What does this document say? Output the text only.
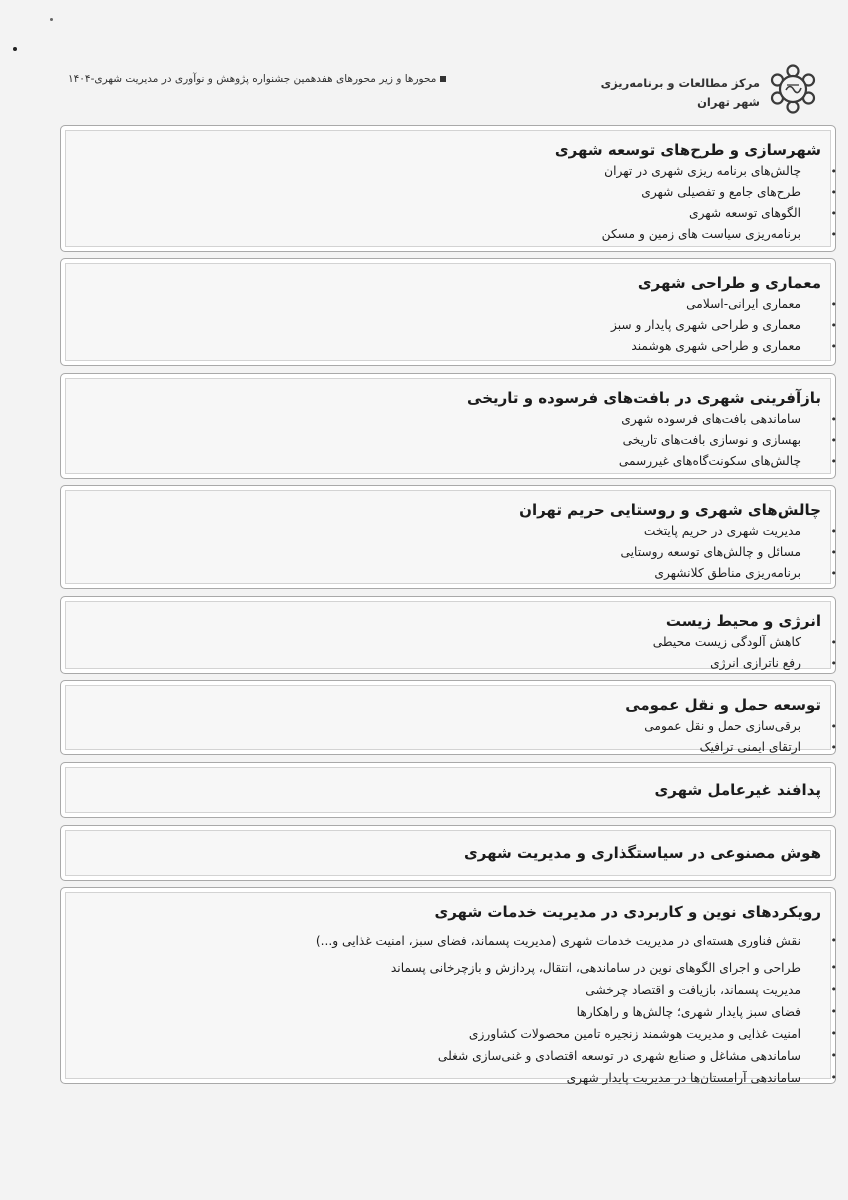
مرکز مطالعات و برنامه‌ریزی
شهر تهران
محورها و زیر محورهای هفدهمین جشنواره پژوهش و نوآوری در مدیریت شهری-۱۴۰۴
شهرسازی و طرح‌های توسعه شهری
• چالش‌های برنامه ریزی شهری در تهران
• طرح‌های جامع و تفصیلی شهری
• الگوهای توسعه شهری
• برنامه‌ریزی سیاست های زمین و مسکن
معماری و طراحی شهری
• معماری ایرانی-اسلامی
• معماری و طراحی شهری پایدار و سبز
• معماری و طراحی شهری هوشمند
بازآفرینی شهری در بافت‌های فرسوده و تاریخی
• ساماندهی بافت‌های فرسوده شهری
• بهسازی و نوسازی بافت‌های تاریخی
• چالش‌های سکونت‌گاه‌های غیررسمی
چالش‌های شهری و روستایی حریم تهران
• مدیریت شهری در حریم پایتخت
• مسائل و چالش‌های توسعه روستایی
• برنامه‌ریزی مناطق کلانشهری
انرژی و محیط زیست
• کاهش آلودگی زیست محیطی
• رفع ناترازی انرژی
توسعه حمل و نقل عمومی
• برقی‌سازی حمل و نقل عمومی
• ارتقای ایمنی ترافیک
پدافند غیرعامل شهری
هوش مصنوعی در سیاستگذاری و مدیریت شهری
رویکردهای نوین و کاربردی در مدیریت خدمات شهری
• نقش فناوری هسته‌ای در مدیریت خدمات شهری (مدیریت پسماند، فضای سبز، امنیت غذایی و...)
• طراحی و اجرای الگوهای نوین در ساماندهی، انتقال، پردازش و بازچرخانی پسماند
• مدیریت پسماند، بازیافت و اقتصاد چرخشی
• فضای سبز پایدار شهری؛ چالش‌ها و راهکارها
• امنیت غذایی و مدیریت هوشمند زنجیره تامین محصولات کشاورزی
• ساماندهی مشاغل و صنایع شهری در توسعه اقتصادی و غنی‌سازی شغلی
• ساماندهی آرامستان‌ها در مدیریت پایدار شهری
